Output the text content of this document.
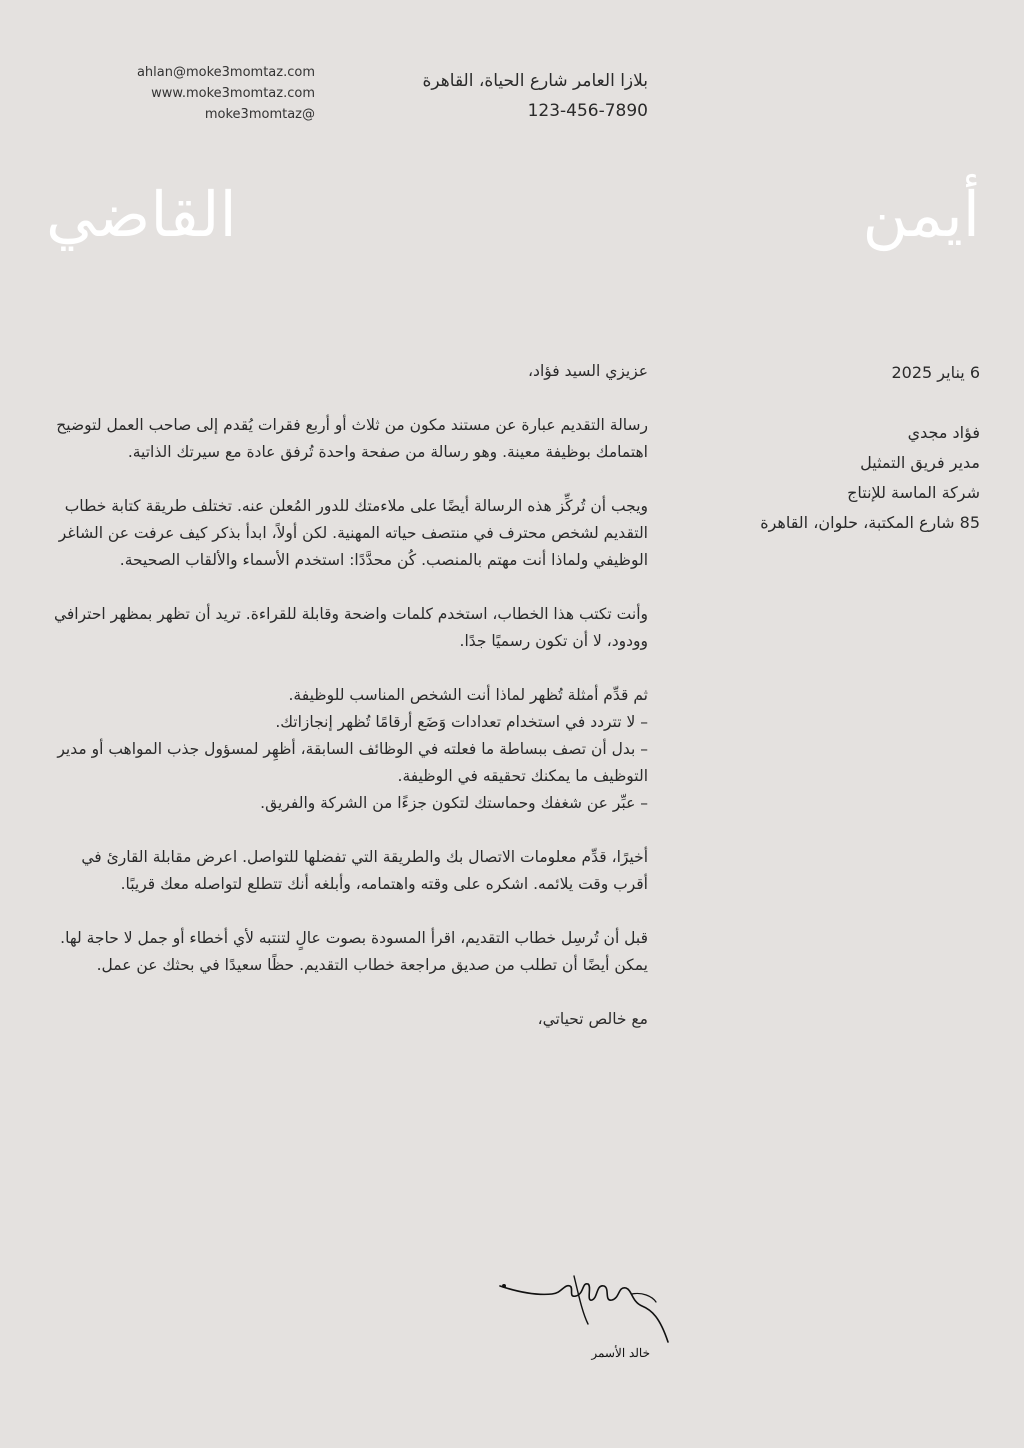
ahlan@moke3momtaz.com
www.moke3momtaz.com
moke3momtaz@
بلازا العامر شارع الحياة، القاهرة
123-456-7890
أيمن
القاضي
6 يناير 2025
فؤاد مجدي
مدير فريق التمثيل
شركة الماسة للإنتاج
85 شارع المكتبة، حلوان، القاهرة

عزيزي السيد فؤاد،

رسالة التقديم عبارة عن مستند مكون من ثلاث أو أربع فقرات يُقدم إلى صاحب العمل لتوضيح اهتمامك بوظيفة معينة. وهو رسالة من صفحة واحدة تُرفق عادة مع سيرتك الذاتية.

ويجب أن تُركِّز هذه الرسالة أيضًا على ملاءمتك للدور المُعلن عنه. تختلف طريقة كتابة خطاب التقديم لشخص محترف في منتصف حياته المهنية. لكن أولاً، ابدأ بذكر كيف عرفت عن الشاغر الوظيفي ولماذا أنت مهتم بالمنصب. كُن محدَّدًا: استخدم الأسماء والألقاب الصحيحة.

وأنت تكتب هذا الخطاب، استخدم كلمات واضحة وقابلة للقراءة. تريد أن تظهر بمظهر احترافي وودود، لا أن تكون رسميًا جدًا.

ثم قدِّم أمثلة تُظهر لماذا أنت الشخص المناسب للوظيفة.
– لا تتردد في استخدام تعدادات وَضَع أرقامًا تُظهر إنجازاتك.
– بدل أن تصف ببساطة ما فعلته في الوظائف السابقة، أظهِر لمسؤول جذب المواهب أو مدير التوظيف ما يمكنك تحقيقه في الوظيفة.
– عبِّر عن شغفك وحماستك لتكون جزءًا من الشركة والفريق.

أخيرًا، قدِّم معلومات الاتصال بك والطريقة التي تفضلها للتواصل. اعرض مقابلة القارئ في أقرب وقت يلائمه. اشكره على وقته واهتمامه، وأبلغه أنك تتطلع لتواصله معك قريبًا.

قبل أن تُرسِل خطاب التقديم، اقرأ المسودة بصوت عالٍ لتنتبه لأي أخطاء أو جمل لا حاجة لها. يمكن أيضًا أن تطلب من صديق مراجعة خطاب التقديم. حظًا سعيدًا في بحثك عن عمل.

مع خالص تحياتي،

خالد الأسمر
